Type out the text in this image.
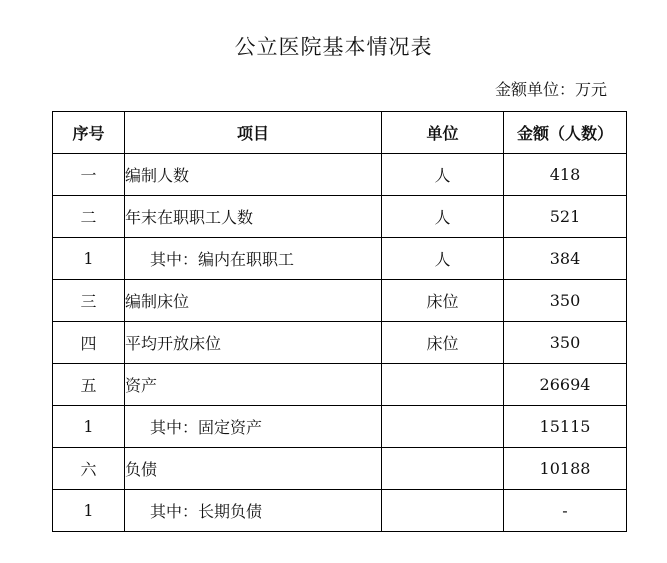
公立医院基本情况表
金额单位：万元
序号	项目	单位	金额（人数）
一	编制人数	人	418
二	年末在职职工人数	人	521
1	其中：编内在职职工	人	384
三	编制床位	床位	350
四	平均开放床位	床位	350
五	资产		26694
1	其中：固定资产		15115
六	负债		10188
1	其中：长期负债		-
